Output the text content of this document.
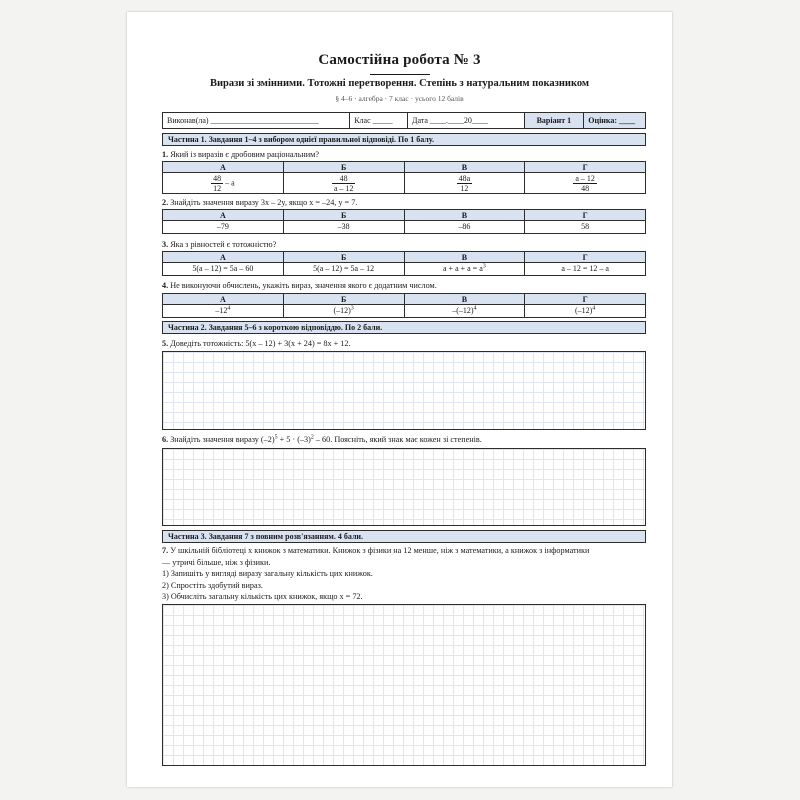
Самостійна робота № 3
Вирази зі змінними. Тотожні перетворення. Степінь з натуральним показником
§ 4–6 · алгебра · 7 клас · усього 12 балів
Виконав(ла) ___________________________	Клас _____	Дата ____.____20____	Варіант 1	Оцінка: ____
Частина 1. Завдання 1–4 з вибором однієї правильної відповіді. По 1 балу.
1. Який із виразів є дробовим раціональним?
А	Б	В	Г

$\frac{48}{12}$ – a	$\frac{48}{a - 12}$	$\frac{48a}{12}$	$\frac{a - 12}{48}$
2. Знайдіть значення виразу 3x – 2y, якщо x = –24, y = 7.
А	Б	В	Г
–79	–38	–86	58
3. Яка з рівностей є тотожністю?
А	Б	В	Г
5(a – 12) = 5a – 60	5(a – 12) = 5a – 12	$a + a + a = a^3$	a – 12 = 12 – a
4. Не виконуючи обчислень, укажіть вираз, значення якого є додатним числом.
А	Б	В	Г
$-12^4$	$(-12)^3$	$-(-12)^4$	$(-12)^4$
Частина 2. Завдання 5–6 з короткою відповіддю. По 2 бали.
5. Доведіть тотожність: 5(x – 12) + 3(x + 24) = 8x + 12.
6. Знайдіть значення виразу $(-2)^5 + 5 \cdot (-3)^2 - 60$. Поясніть, який знак має кожен зі степенів.
Частина 3. Завдання 7 з повним розв'язанням. 4 бали.
7. У шкільній бібліотеці x книжок з математики. Книжок з фізики на 12 менше, ніж з математики, а книжок з інформатики
— утричі більше, ніж з фізики.
1) Запишіть у вигляді виразу загальну кількість цих книжок.
2) Спростіть здобутий вираз.
3) Обчисліть загальну кількість цих книжок, якщо x = 72.
